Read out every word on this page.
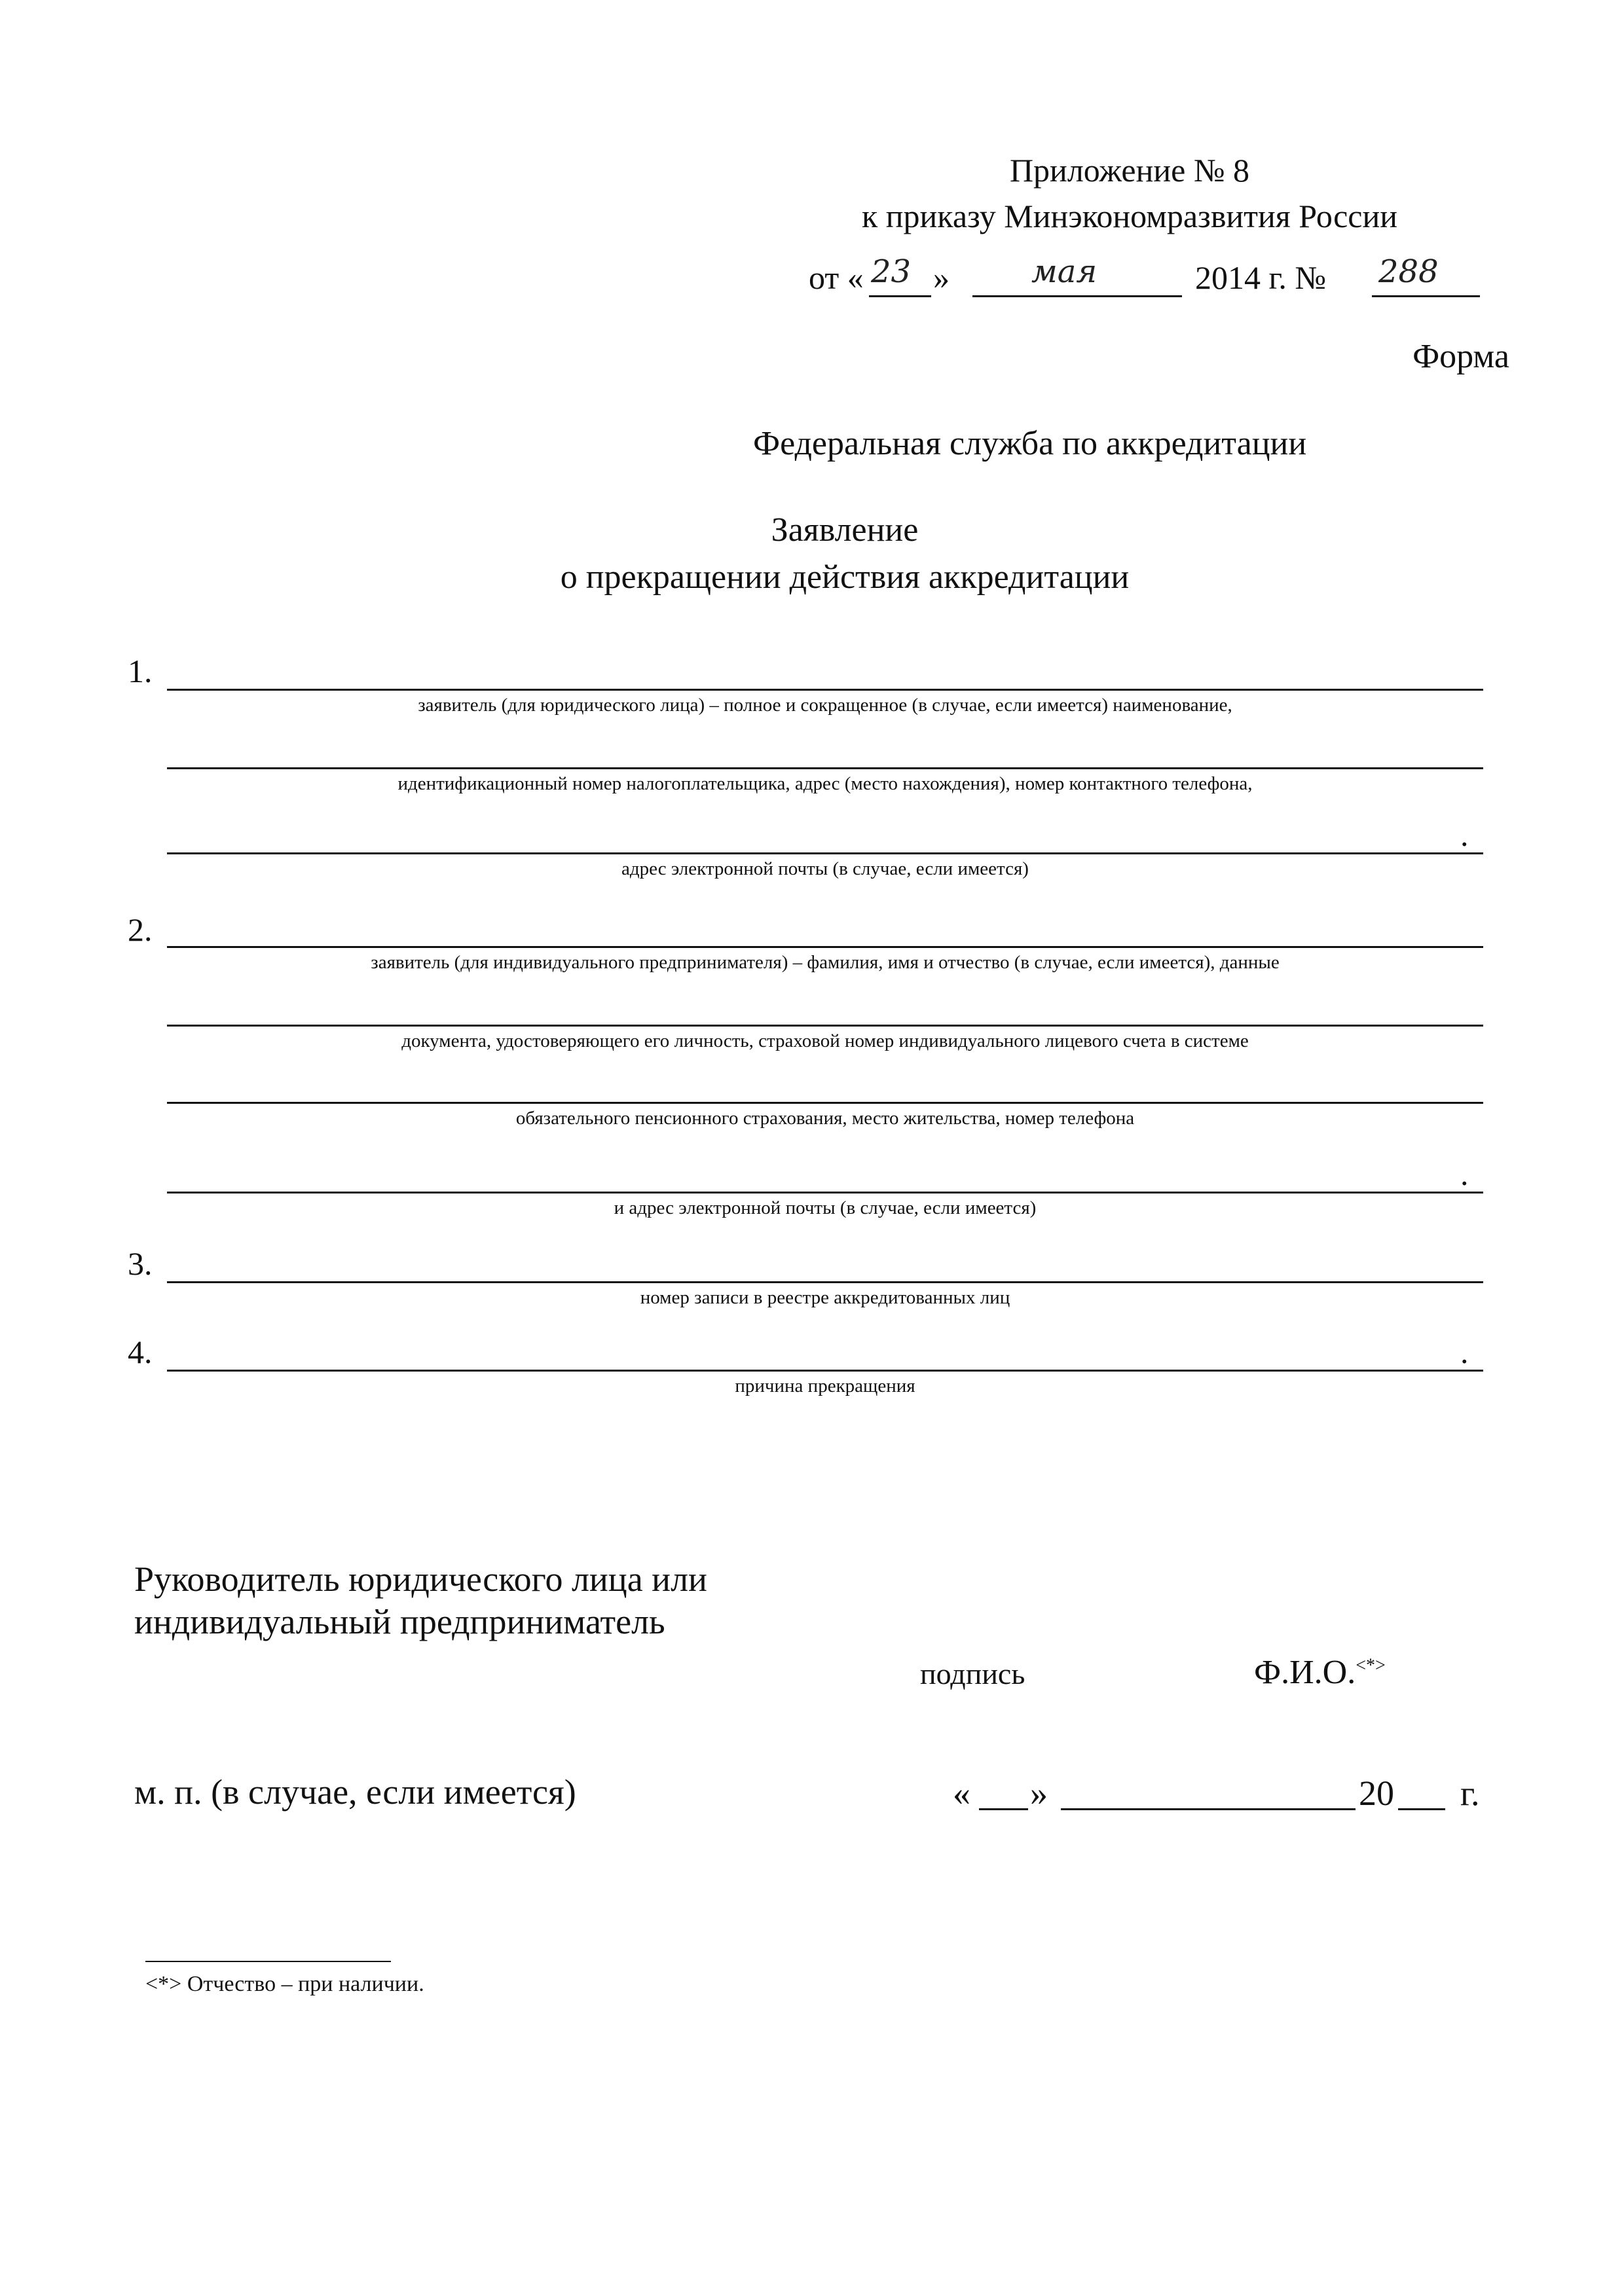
Приложение № 8
к приказу Минэкономразвития России
от « 23 »	мая	2014 г. № 288
Форма
Федеральная служба по аккредитации
Заявление
о прекращении действия аккредитации
1.
заявитель (для юридического лица) – полное и сокращенное (в случае, если имеется) наименование,
идентификационный номер налогоплательщика, адрес (место нахождения), номер контактного телефона,
.
адрес электронной почты (в случае, если имеется)
2.
заявитель (для индивидуального предпринимателя) – фамилия, имя и отчество (в случае, если имеется), данные
документа, удостоверяющего его личность, страховой номер индивидуального лицевого счета в системе
обязательного пенсионного страхования, место жительства, номер телефона
.
и адрес электронной почты (в случае, если имеется)
3.
номер записи в реестре аккредитованных лиц
4.	.
причина прекращения
Руководитель юридического лица или
индивидуальный предприниматель
подпись	Ф.И.О.<*>
м. п. (в случае, если имеется)	« »	20 г.
<*> Отчество – при наличии.
